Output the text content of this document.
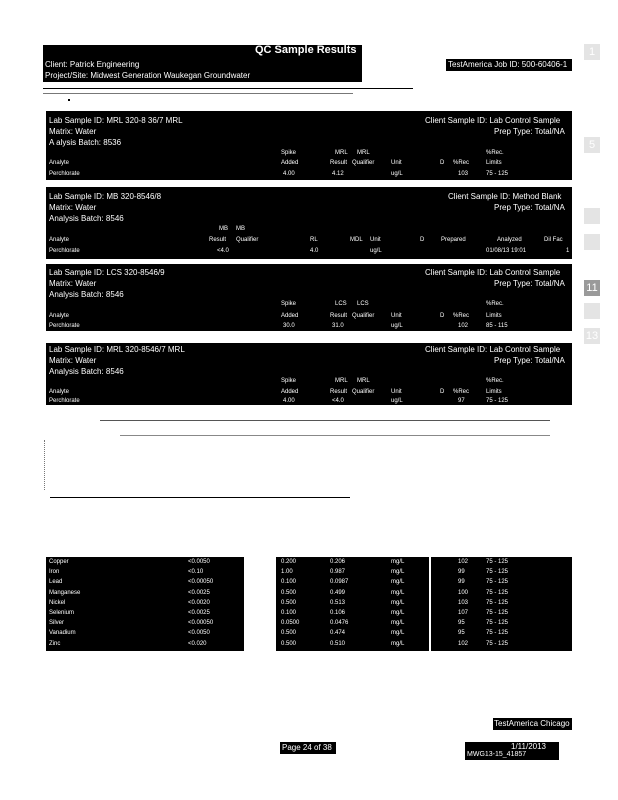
QC Sample Results
Client: Patrick Engineering
Project/Site: Midwest Generation Waukegan Groundwater
TestAmerica Job ID: 500-60406-1
1
5
11
13
Lab Sample ID: MRL 320-8 36/7 MRL	Client Sample ID: Lab Control Sample
Matrix: Water	Prep Type: Total/NA
A alysis Batch: 8536
Spike	MRL MRL	%Rec.
Analyte	Added	Result Qualifier	Unit	D %Rec	Limits
Perchlorate	4.00	4.12	ug/L	103	75 - 125
Lab Sample ID: MB 320-8546/8	Client Sample ID: Method Blank
Matrix: Water	Prep Type: Total/NA
Analysis Batch: 8546
MB MB
Analyte	Result Qualifier	RL	MDL Unit	D	Prepared	Analyzed	Dil Fac
Perchlorate	<4.0	4.0	ug/L	01/08/13 19:01	1
Lab Sample ID: LCS 320-8546/9	Client Sample ID: Lab Control Sample
Matrix: Water	Prep Type: Total/NA
Analysis Batch: 8546
Spike	LCS LCS	%Rec.
Analyte	Added	Result Qualifier	Unit	D %Rec	Limits
Perchlorate	30.0	31.0	ug/L	102	85 - 115
Lab Sample ID: MRL 320-8546/7 MRL	Client Sample ID: Lab Control Sample
Matrix: Water	Prep Type: Total/NA
Analysis Batch: 8546
Spike	MRL MRL	%Rec.
Analyte	Added	Result Qualifier	Unit	D %Rec	Limits
Perchlorate	4.00	<4.0	ug/L	97	75 - 125
Copper	<0.0050	0.200	0.206	mg/L	102	75 - 125
Iron	<0.10	1.00	0.987	mg/L	99	75 - 125
Lead	<0.00050	0.100	0.0987	mg/L	99	75 - 125
Manganese	<0.0025	0.500	0.499	mg/L	100	75 - 125
Nickel	<0.0020	0.500	0.513	mg/L	103	75 - 125
Selenium	<0.0025	0.100	0.106	mg/L	107	75 - 125
Silver	<0.00050	0.0500	0.0476	mg/L	95	75 - 125
Vanadium	<0.0050	0.500	0.474	mg/L	95	75 - 125
Zinc	<0.020	0.500	0.510	mg/L	102	75 - 125
TestAmerica Chicago
Page 24 of 38	1/11/2013
MWG13-15_41857
